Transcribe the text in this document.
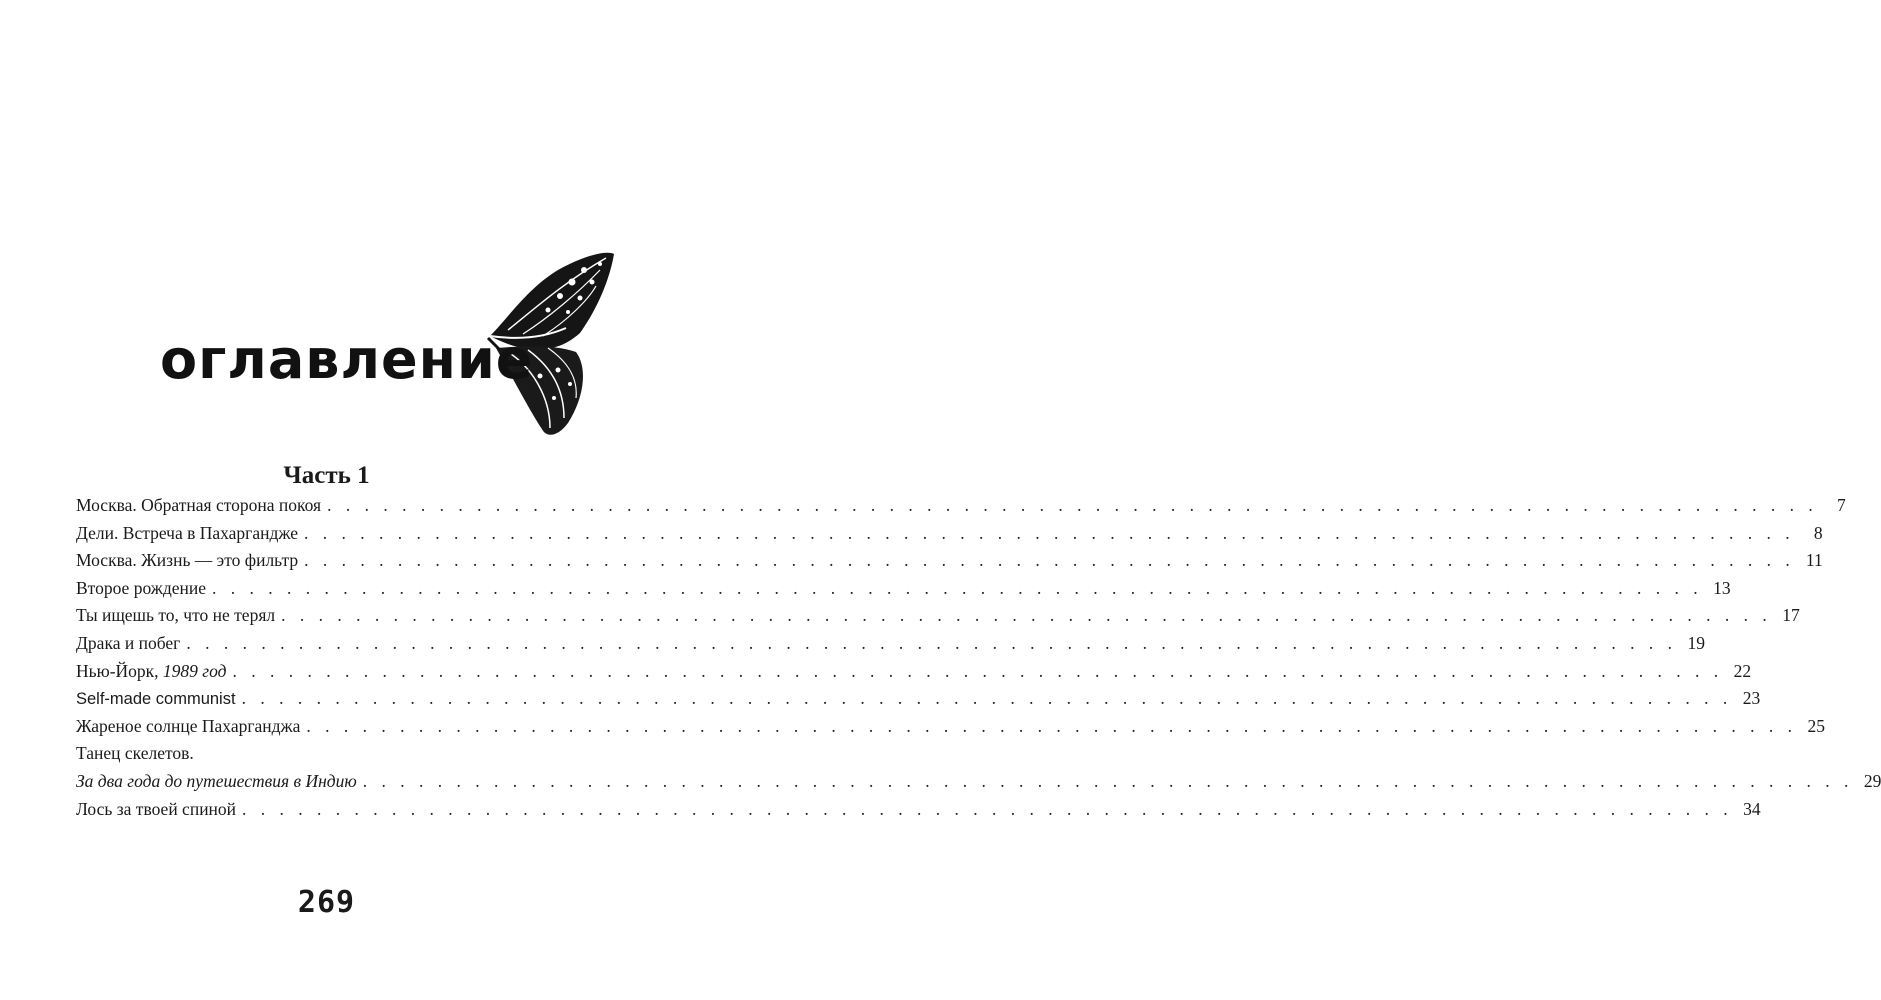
оглавление
Часть 1
Москва. Обратная сторона покоя . . . . . . . . . . . . . . . . . . . . . . . . . . . . . . . . . . . . . . . . . . . . . . . . . . . . . . . . . . . . . . . . . . . . . . . . . . . . . . . .	7
Дели. Встреча в Пахаргандже . . . . . . . . . . . . . . . . . . . . . . . . . . . . . . . . . . . . . . . . . . . . . . . . . . . . . . . . . . . . . . . . . . . . . . . . . . . . . . . .	8
Москва. Жизнь — это фильтр . . . . . . . . . . . . . . . . . . . . . . . . . . . . . . . . . . . . . . . . . . . . . . . . . . . . . . . . . . . . . . . . . . . . . . . . . . . . . . . . 11
Второе рождение . . . . . . . . . . . . . . . . . . . . . . . . . . . . . . . . . . . . . . . . . . . . . . . . . . . . . . . . . . . . . . . . . . . . . . . . . . . . . . . . 13
Ты ищешь то, что не терял . . . . . . . . . . . . . . . . . . . . . . . . . . . . . . . . . . . . . . . . . . . . . . . . . . . . . . . . . . . . . . . . . . . . . . . . . . . . . . . . 17
Драка и побег . . . . . . . . . . . . . . . . . . . . . . . . . . . . . . . . . . . . . . . . . . . . . . . . . . . . . . . . . . . . . . . . . . . . . . . . . . . . . . . . 19
Нью-Йорк, 1989 год . . . . . . . . . . . . . . . . . . . . . . . . . . . . . . . . . . . . . . . . . . . . . . . . . . . . . . . . . . . . . . . . . . . . . . . . . . . . . . . . 22
Self-made communist . . . . . . . . . . . . . . . . . . . . . . . . . . . . . . . . . . . . . . . . . . . . . . . . . . . . . . . . . . . . . . . . . . . . . . . . . . . . . . . . 23
Жареное солнце Пахарганджа . . . . . . . . . . . . . . . . . . . . . . . . . . . . . . . . . . . . . . . . . . . . . . . . . . . . . . . . . . . . . . . . . . . . . . . . . . . . . . . . 25
Танец скелетов.
За два года до путешествия в Индию . . . . . . . . . . . . . . . . . . . . . . . . . . . . . . . . . . . . . . . . . . . . . . . . . . . . . . . . . . . . . . . . . . . . . . . . . . . . . . . . 29
Лось за твоей спиной . . . . . . . . . . . . . . . . . . . . . . . . . . . . . . . . . . . . . . . . . . . . . . . . . . . . . . . . . . . . . . . . . . . . . . . . . . . . . . . . 34
269
